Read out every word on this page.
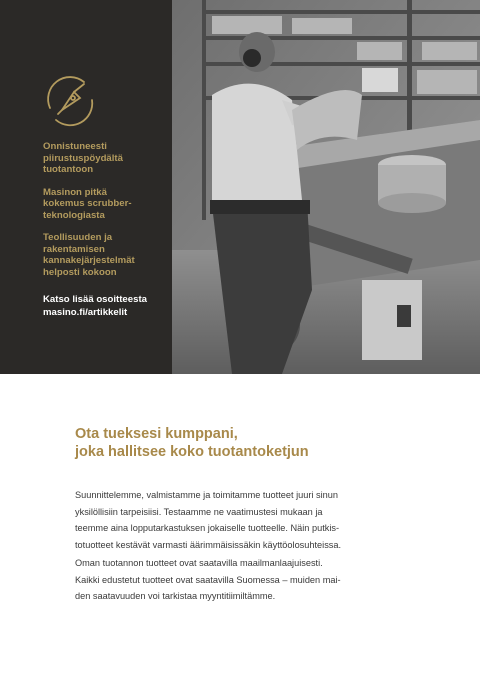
Onnistuneesti
piirustuspöydältä
tuotantoon
Masinon pitkä
kokemus scrubber-
teknologiasta
Teollisuuden ja
rakentamisen
kannakejärjestelmät
helposti kokoon
Katso lisää osoitteesta
masino.fi/artikkelit
Ota tueksesi kumppani,
joka hallitsee koko tuotantoketjun
Suunnittelemme, valmistamme ja toimitamme tuotteet juuri sinun
yksilöllisiin tarpeisiisi. Testaamme ne vaatimustesi mukaan ja
teemme aina lopputarkastuksen jokaiselle tuotteelle. Näin putkis-
totuotteet kestävät varmasti äärimmäisissäkin käyttöolosuhteissa.
Oman tuotannon tuotteet ovat saatavilla maailmanlaajuisesti.
Kaikki edustetut tuotteet ovat saatavilla Suomessa – muiden mai-
den saatavuuden voi tarkistaa myyntitiimiltämme.
